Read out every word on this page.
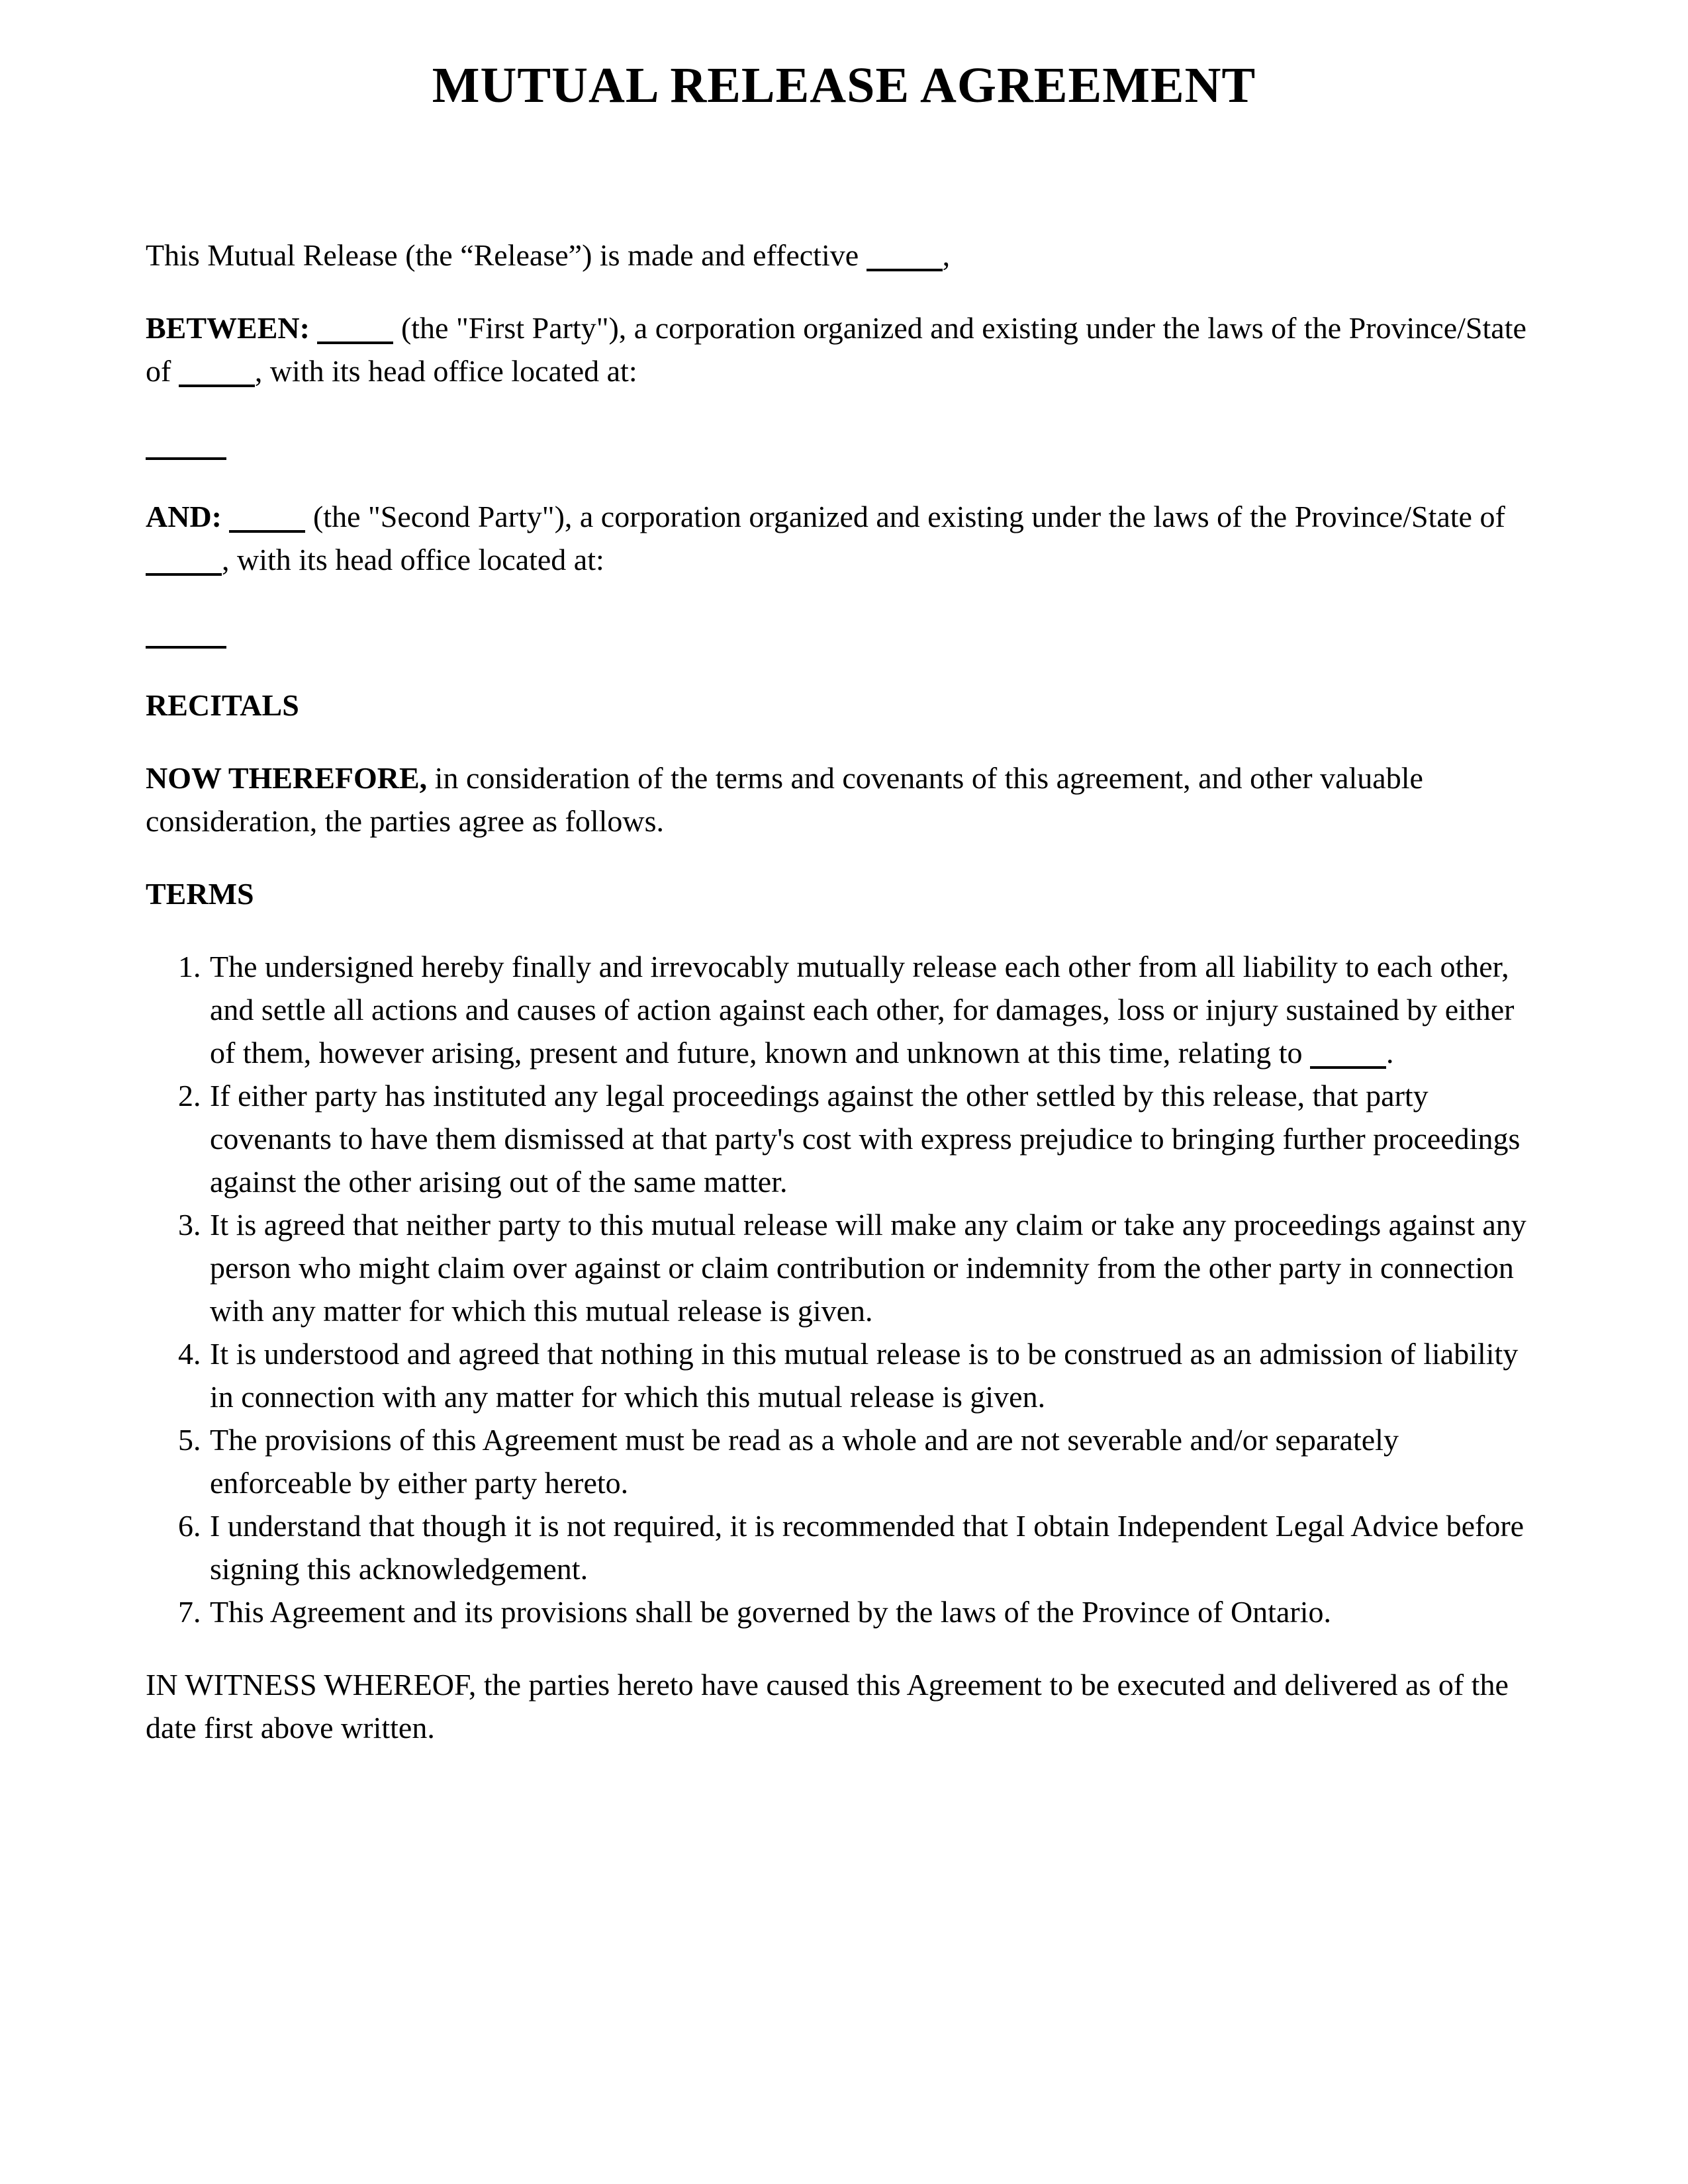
MUTUAL RELEASE AGREEMENT

This Mutual Release (the “Release”) is made and effective	,

BETWEEN:	(the "First Party"), a corporation organized and existing under the laws of the Province/State of	, with its head office located at:

AND:	(the "Second Party"), a corporation organized and existing under the laws of the Province/State of , with its head office located at:

RECITALS

NOW THEREFORE, in consideration of the terms and covenants of this agreement, and other valuable consideration, the parties agree as follows.

TERMS

1. The undersigned hereby finally and irrevocably mutually release each other from all liability to each other, and settle all actions and causes of action against each other, for damages, loss or injury sustained by either of them, however arising, present and future, known and unknown at this time, relating to	.
2. If either party has instituted any legal proceedings against the other settled by this release, that party covenants to have them dismissed at that party's cost with express prejudice to bringing further proceedings against the other arising out of the same matter.
3. It is agreed that neither party to this mutual release will make any claim or take any proceedings against any person who might claim over against or claim contribution or indemnity from the other party in connection with any matter for which this mutual release is given.
4. It is understood and agreed that nothing in this mutual release is to be construed as an admission of liability in connection with any matter for which this mutual release is given.
5. The provisions of this Agreement must be read as a whole and are not severable and/or separately enforceable by either party hereto.
6. I understand that though it is not required, it is recommended that I obtain Independent Legal Advice before signing this acknowledgement.
7. This Agreement and its provisions shall be governed by the laws of the Province of Ontario.

IN WITNESS WHEREOF, the parties hereto have caused this Agreement to be executed and delivered as of the date first above written.
